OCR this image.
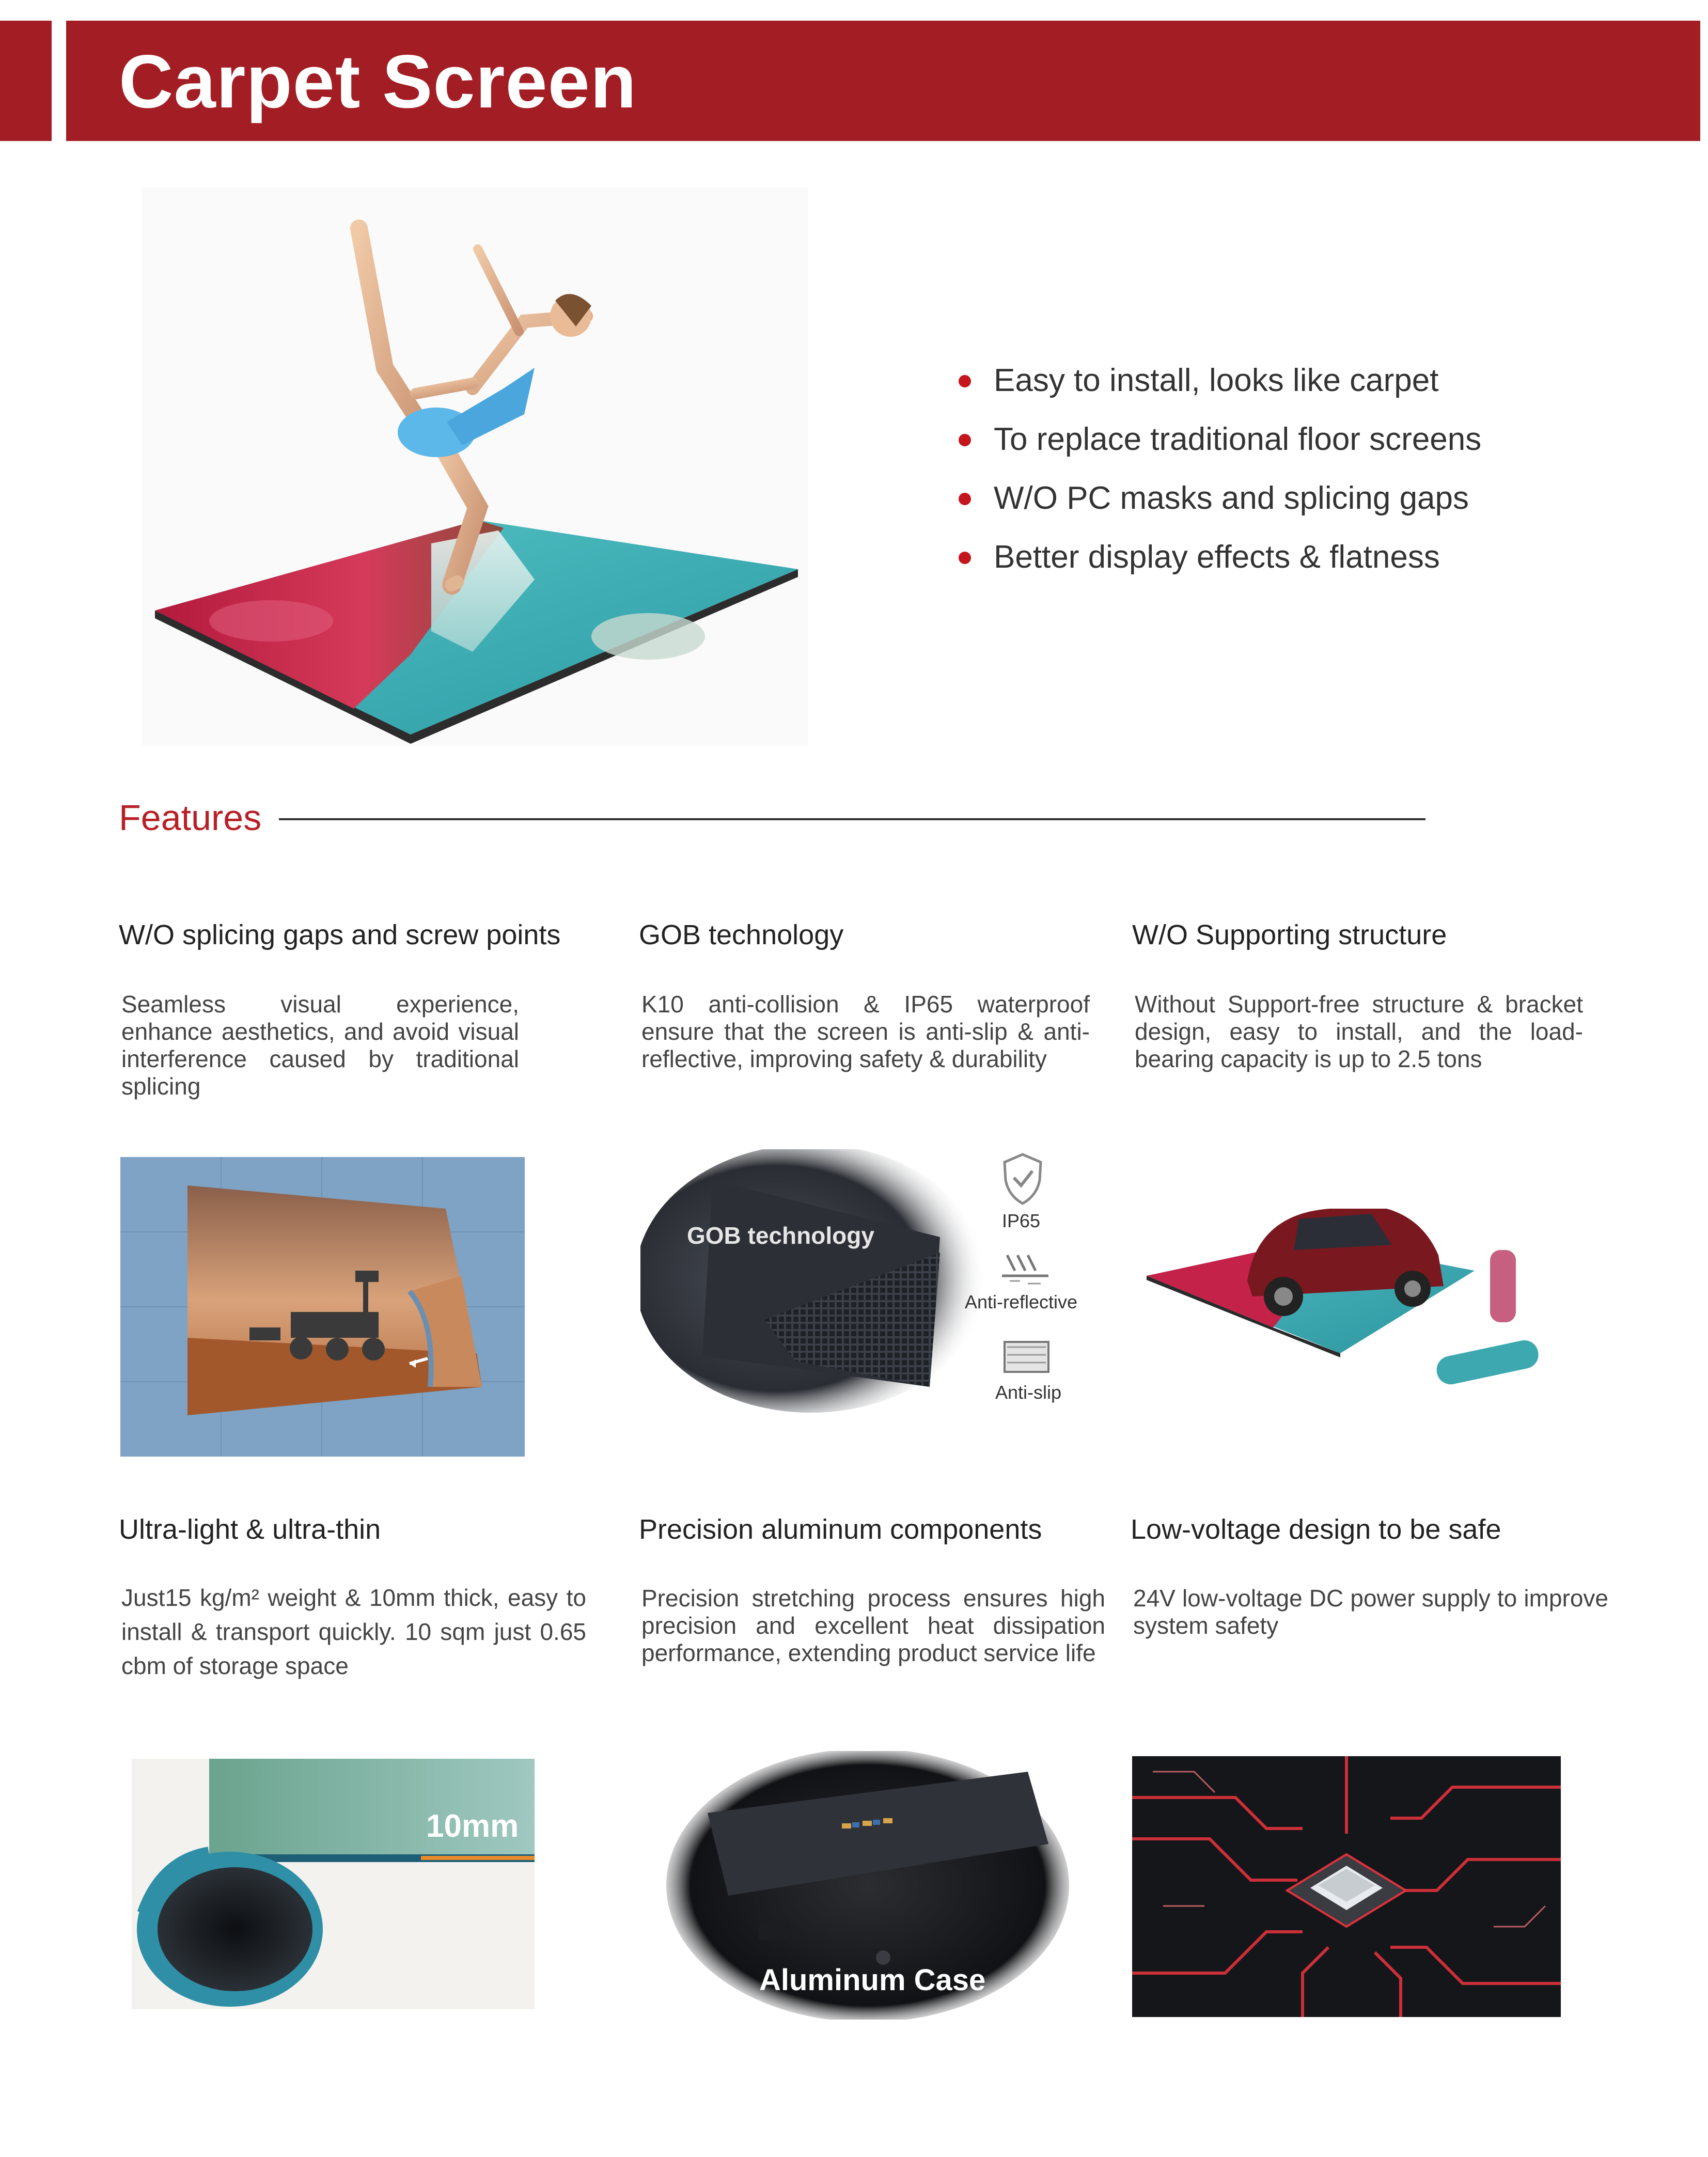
Carpet Screen
Easy to install, looks like carpet
To replace traditional floor screens
W/O PC masks and splicing gaps
Better display effects & flatness
Features
W/O splicing gaps and screw points
Seamless visual experience, enhance aesthetics, and avoid visual interference caused by traditional splicing
GOB technology
K10 anti-collision & IP65 waterproof ensure that the screen is anti-slip & anti-reflective, improving safety & durability
W/O Supporting structure
Without Support-free structure & bracket design, easy to install, and the load-bearing capacity is up to 2.5 tons
GOB technology
IP65
Anti-reflective
Anti-slip
Ultra-light & ultra-thin
Just15 kg/m² weight & 10mm thick, easy to install & transport quickly. 10 sqm just 0.65 cbm of storage space
Precision aluminum components
Precision stretching process ensures high precision and excellent heat dissipation performance, extending product service life
Low-voltage design to be safe
24V low-voltage DC power supply to improve system safety
10mm
Aluminum Case
